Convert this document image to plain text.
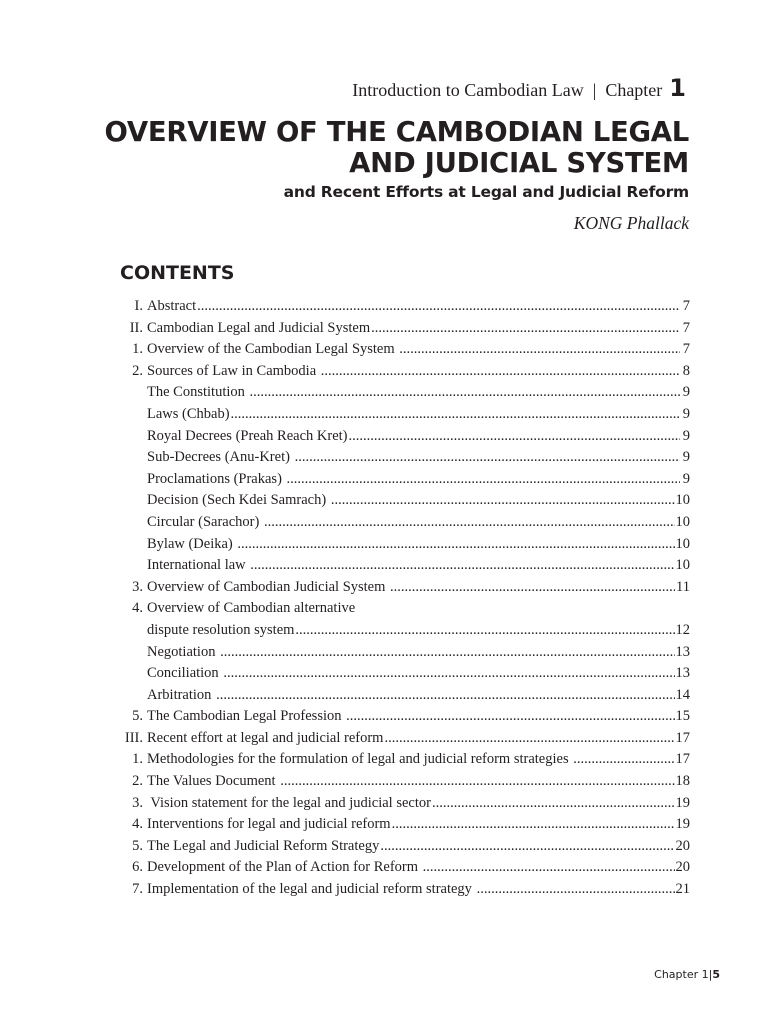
Introduction to Cambodian Law | Chapter 1
OVERVIEW OF THE CAMBODIAN LEGAL
AND JUDICIAL SYSTEM
and Recent Efforts at Legal and Judicial Reform
KONG Phallack
CONTENTS
I. Abstract .....	7
II. Cambodian Legal and Judicial System .....	7
1. Overview of the Cambodian Legal System .....	7
2. Sources of Law in Cambodia .....	8
The Constitution .....	9
Laws (Chbab) .....	9
Royal Decrees (Preah Reach Kret) .....	9
Sub-Decrees (Anu-Kret) .....	9
Proclamations (Prakas) .....	9
Decision (Sech Kdei Samrach) .....	10
Circular (Sarachor) .....	10
Bylaw (Deika) .....	10
International law .....	10
3. Overview of Cambodian Judicial System .....	11
4. Overview of Cambodian alternative
dispute resolution system .....	12
Negotiation .....	13
Conciliation .....	13
Arbitration .....	14
5. The Cambodian Legal Profession .....	15
III. Recent effort at legal and judicial reform .....	17
1. Methodologies for the formulation of legal and judicial reform strategies .....	17
2. The Values Document .....	18
3. Vision statement for the legal and judicial sector .....	19
4. Interventions for legal and judicial reform .....	19
5. The Legal and Judicial Reform Strategy .....	20
6. Development of the Plan of Action for Reform .....	20
7. Implementation of the legal and judicial reform strategy .....	21
Chapter 1|5
